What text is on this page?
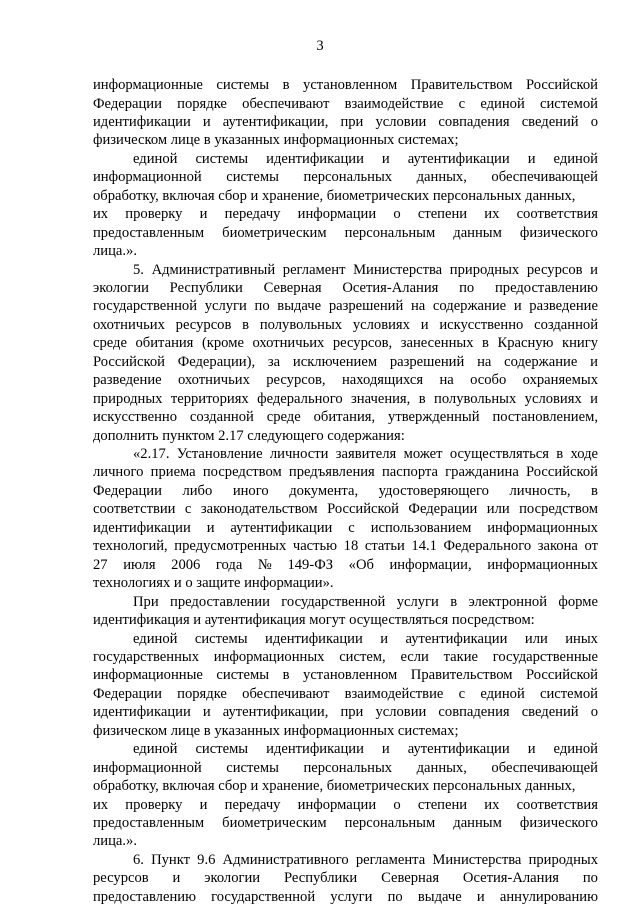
3
информационные системы в установленном Правительством Российской
Федерации порядке обеспечивают взаимодействие с единой системой
идентификации и аутентификации, при условии совпадения сведений о
физическом лице в указанных информационных системах;
единой системы идентификации и аутентификации и единой
информационной системы персональных данных, обеспечивающей
обработку, включая сбор и хранение, биометрических персональных данных,
их проверку и передачу информации о степени их соответствия
предоставленным биометрическим персональным данным физического
лица.».
5. Административный регламент Министерства природных ресурсов и
экологии Республики Северная Осетия-Алания по предоставлению
государственной услуги по выдаче разрешений на содержание и разведение
охотничьих ресурсов в полувольных условиях и искусственно созданной
среде обитания (кроме охотничьих ресурсов, занесенных в Красную книгу
Российской Федерации), за исключением разрешений на содержание и
разведение охотничьих ресурсов, находящихся на особо охраняемых
природных территориях федерального значения, в полувольных условиях и
искусственно созданной среде обитания, утвержденный постановлением,
дополнить пунктом 2.17 следующего содержания:
«2.17. Установление личности заявителя может осуществляться в ходе
личного приема посредством предъявления паспорта гражданина Российской
Федерации либо иного документа, удостоверяющего личность, в
соответствии с законодательством Российской Федерации или посредством
идентификации и аутентификации с использованием информационных
технологий, предусмотренных частью 18 статьи 14.1 Федерального закона от
27 июля 2006 года № 149-ФЗ «Об информации, информационных
технологиях и о защите информации».
При предоставлении государственной услуги в электронной форме
идентификация и аутентификация могут осуществляться посредством:
единой системы идентификации и аутентификации или иных
государственных информационных систем, если такие государственные
информационные системы в установленном Правительством Российской
Федерации порядке обеспечивают взаимодействие с единой системой
идентификации и аутентификации, при условии совпадения сведений о
физическом лице в указанных информационных системах;
единой системы идентификации и аутентификации и единой
информационной системы персональных данных, обеспечивающей
обработку, включая сбор и хранение, биометрических персональных данных,
их проверку и передачу информации о степени их соответствия
предоставленным биометрическим персональным данным физического
лица.».
6. Пункт 9.6 Административного регламента Министерства природных
ресурсов и экологии Республики Северная Осетия-Алания по
предоставлению государственной услуги по выдаче и аннулированию
